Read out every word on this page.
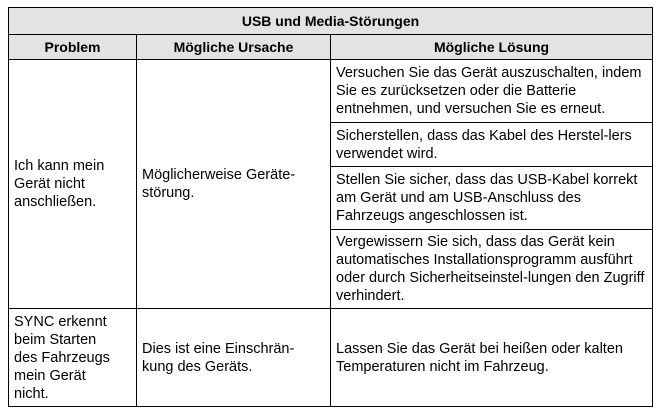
USB und Media-Störungen		
Problem	Mögliche Ursache	Mögliche Lösung

Ich kann mein Gerät nicht anschließen.	Möglicherweise Geräte-störung.	Versuchen Sie das Gerät auszuschalten, indem Sie es zurücksetzen oder die Batterie entnehmen, und versuchen Sie es erneut.
		Sicherstellen, dass das Kabel des Herstel-lers verwendet wird.
		Stellen Sie sicher, dass das USB-Kabel korrekt am Gerät und am USB-Anschluss des Fahrzeugs angeschlossen ist.
		Vergewissern Sie sich, dass das Gerät kein automatisches Installationsprogramm ausführt oder durch Sicherheitseinstel-lungen den Zugriff verhindert.

SYNC erkennt beim Starten des Fahrzeugs mein Gerät nicht.	Dies ist eine Einschrän-kung des Geräts.	Lassen Sie das Gerät bei heißen oder kalten Temperaturen nicht im Fahrzeug.
